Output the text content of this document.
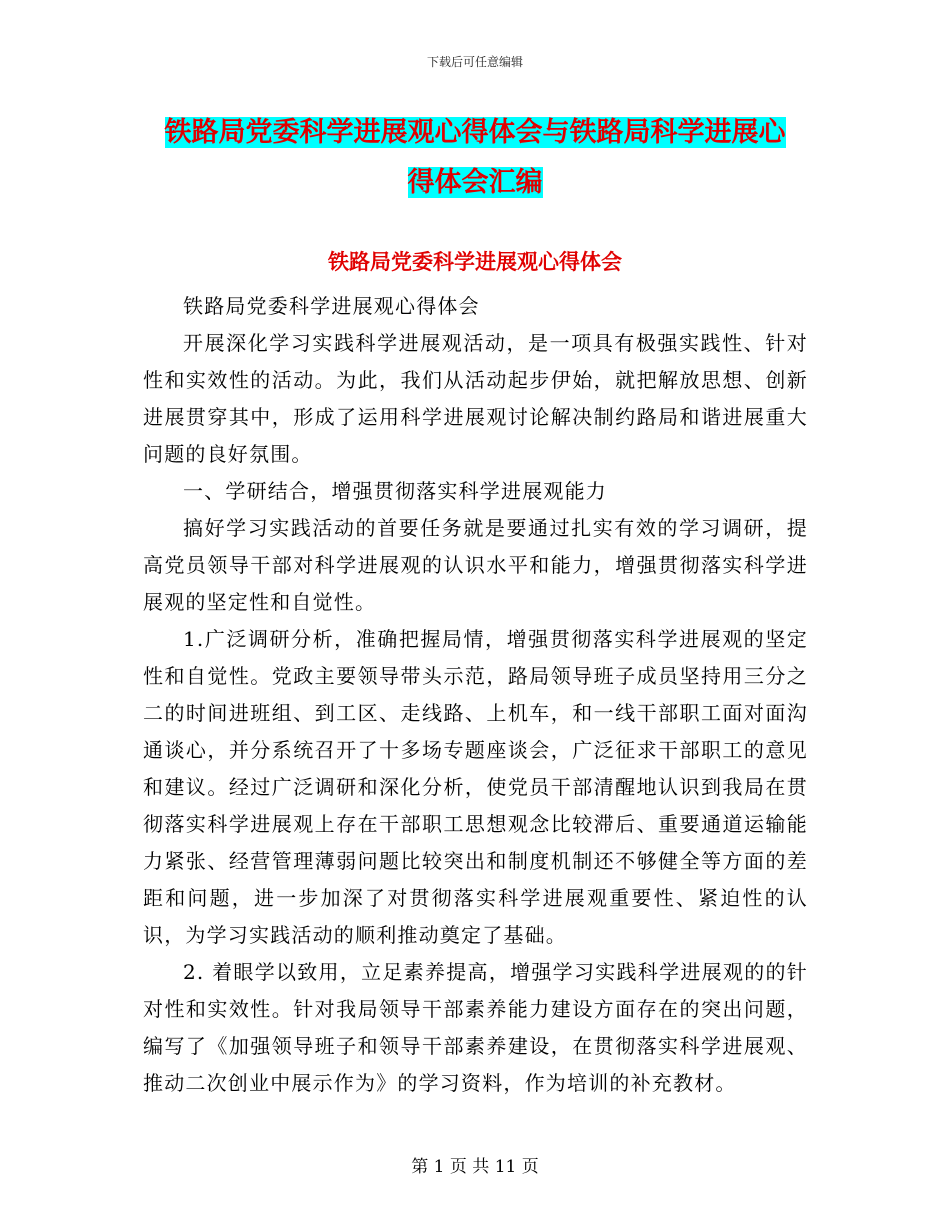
下载后可任意编辑
铁路局党委科学进展观心得体会与铁路局科学进展心
得体会汇编
铁路局党委科学进展观心得体会

铁路局党委科学进展观心得体会

开展深化学习实践科学进展观活动，是一项具有极强实践性、针对性和实效性的活动。为此，我们从活动起步伊始，就把解放思想、创新进展贯穿其中，形成了运用科学进展观讨论解决制约路局和谐进展重大问题的良好氛围。

一、学研结合，增强贯彻落实科学进展观能力

搞好学习实践活动的首要任务就是要通过扎实有效的学习调研，提高党员领导干部对科学进展观的认识水平和能力，增强贯彻落实科学进展观的坚定性和自觉性。

1.广泛调研分析，准确把握局情，增强贯彻落实科学进展观的坚定性和自觉性。党政主要领导带头示范，路局领导班子成员坚持用三分之二的时间进班组、到工区、走线路、上机车，和一线干部职工面对面沟通谈心，并分系统召开了十多场专题座谈会，广泛征求干部职工的意见和建议。经过广泛调研和深化分析，使党员干部清醒地认识到我局在贯彻落实科学进展观上存在干部职工思想观念比较滞后、重要通道运输能力紧张、经营管理薄弱问题比较突出和制度机制还不够健全等方面的差距和问题，进一步加深了对贯彻落实科学进展观重要性、紧迫性的认识，为学习实践活动的顺利推动奠定了基础。

2. 着眼学以致用，立足素养提高，增强学习实践科学进展观的的针对性和实效性。针对我局领导干部素养能力建设方面存在的突出问题，编写了《加强领导班子和领导干部素养建设，在贯彻落实科学进展观、推动二次创业中展示作为》的学习资料，作为培训的补充教材。

第 1 页 共 11 页
